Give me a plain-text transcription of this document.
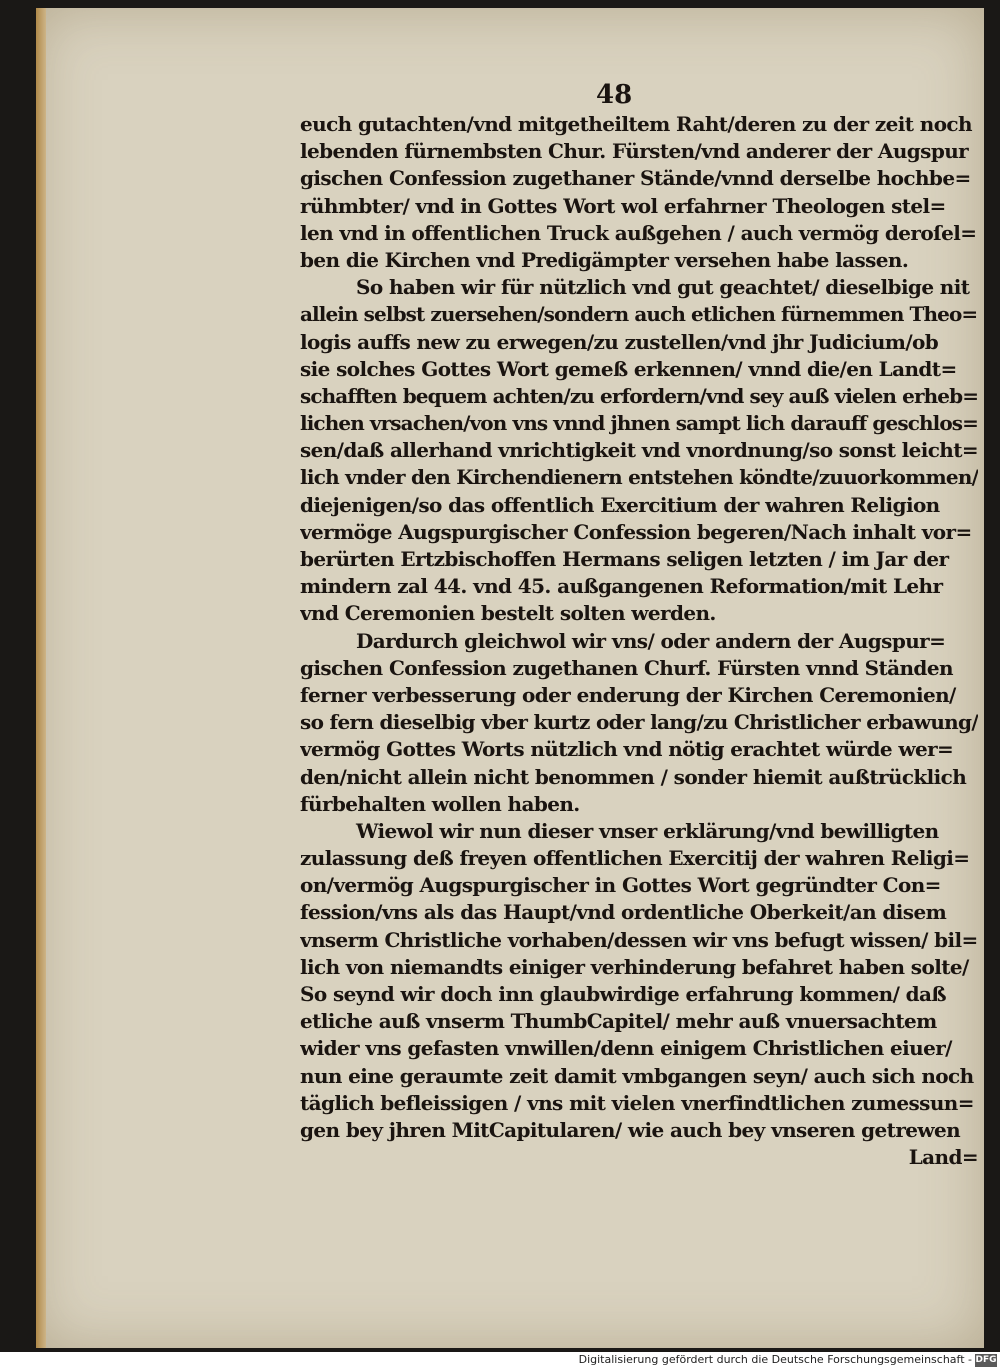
48
euch gutachten/vnd mitgetheiltem Raht/deren zu der zeit noch
lebenden fürnembsten Chur. Fürsten/vnd anderer der Augspur
gischen Confession zugethaner Stände/vnnd derselbe hochbe=
rühmbter/ vnd in Gottes Wort wol erfahrner Theologen stel=
len vnd in offentlichen Truck außgehen / auch vermög deroſel=
ben die Kirchen vnd Predigämpter versehen habe lassen.
So haben wir für nützlich vnd gut geachtet/ dieselbige nit
allein selbst zuersehen/sondern auch etlichen fürnemmen Theo=
logis auffs new zu erwegen/zu zustellen/vnd jhr Judicium/ob
sie solches Gottes Wort gemeß erkennen/ vnnd die/en Landt=
schafften bequem achten/zu erfordern/vnd sey auß vielen erheb=
lichen vrsachen/von vns vnnd jhnen sampt lich darauff geschlos=
sen/daß allerhand vnrichtigkeit vnd vnordnung/so sonst leicht=
lich vnder den Kirchendienern entstehen köndte/zuuorkommen/
diejenigen/so das offentlich Exercitium der wahren Religion
vermöge Augspurgischer Confession begeren/Nach inhalt vor=
berürten Ertzbischoffen Hermans seligen letzten / im Jar der
mindern zal 44. vnd 45. außgangenen Reformation/mit Lehr
vnd Ceremonien bestelt solten werden.
Dardurch gleichwol wir vns/ oder andern der Augspur=
gischen Confession zugethanen Churf. Fürsten vnnd Ständen
ferner verbesserung oder enderung der Kirchen Ceremonien/
so fern dieselbig vber kurtz oder lang/zu Christlicher erbawung/
vermög Gottes Worts nützlich vnd nötig erachtet würde wer=
den/nicht allein nicht benommen / sonder hiemit außtrücklich
fürbehalten wollen haben.
Wiewol wir nun dieser vnser erklärung/vnd bewilligten
zulassung deß freyen offentlichen Exercitij der wahren Religi=
on/vermög Augspurgischer in Gottes Wort gegründter Con=
fession/vns als das Haupt/vnd ordentliche Oberkeit/an disem
vnserm Christliche vorhaben/dessen wir vns befugt wissen/ bil=
lich von niemandts einiger verhinderung befahret haben solte/
So seynd wir doch inn glaubwirdige erfahrung kommen/ daß
etliche auß vnserm ThumbCapitel/ mehr auß vnuersachtem
wider vns gefasten vnwillen/denn einigem Christlichen eiuer/
nun eine geraumte zeit damit vmbgangen seyn/ auch sich noch
täglich befleissigen / vns mit vielen vnerfindtlichen zumessun=
gen bey jhren MitCapitularen/ wie auch bey vnseren getrewen
Land=
Digitalisierung gefördert durch die Deutsche Forschungsgemeinschaft - DFG
